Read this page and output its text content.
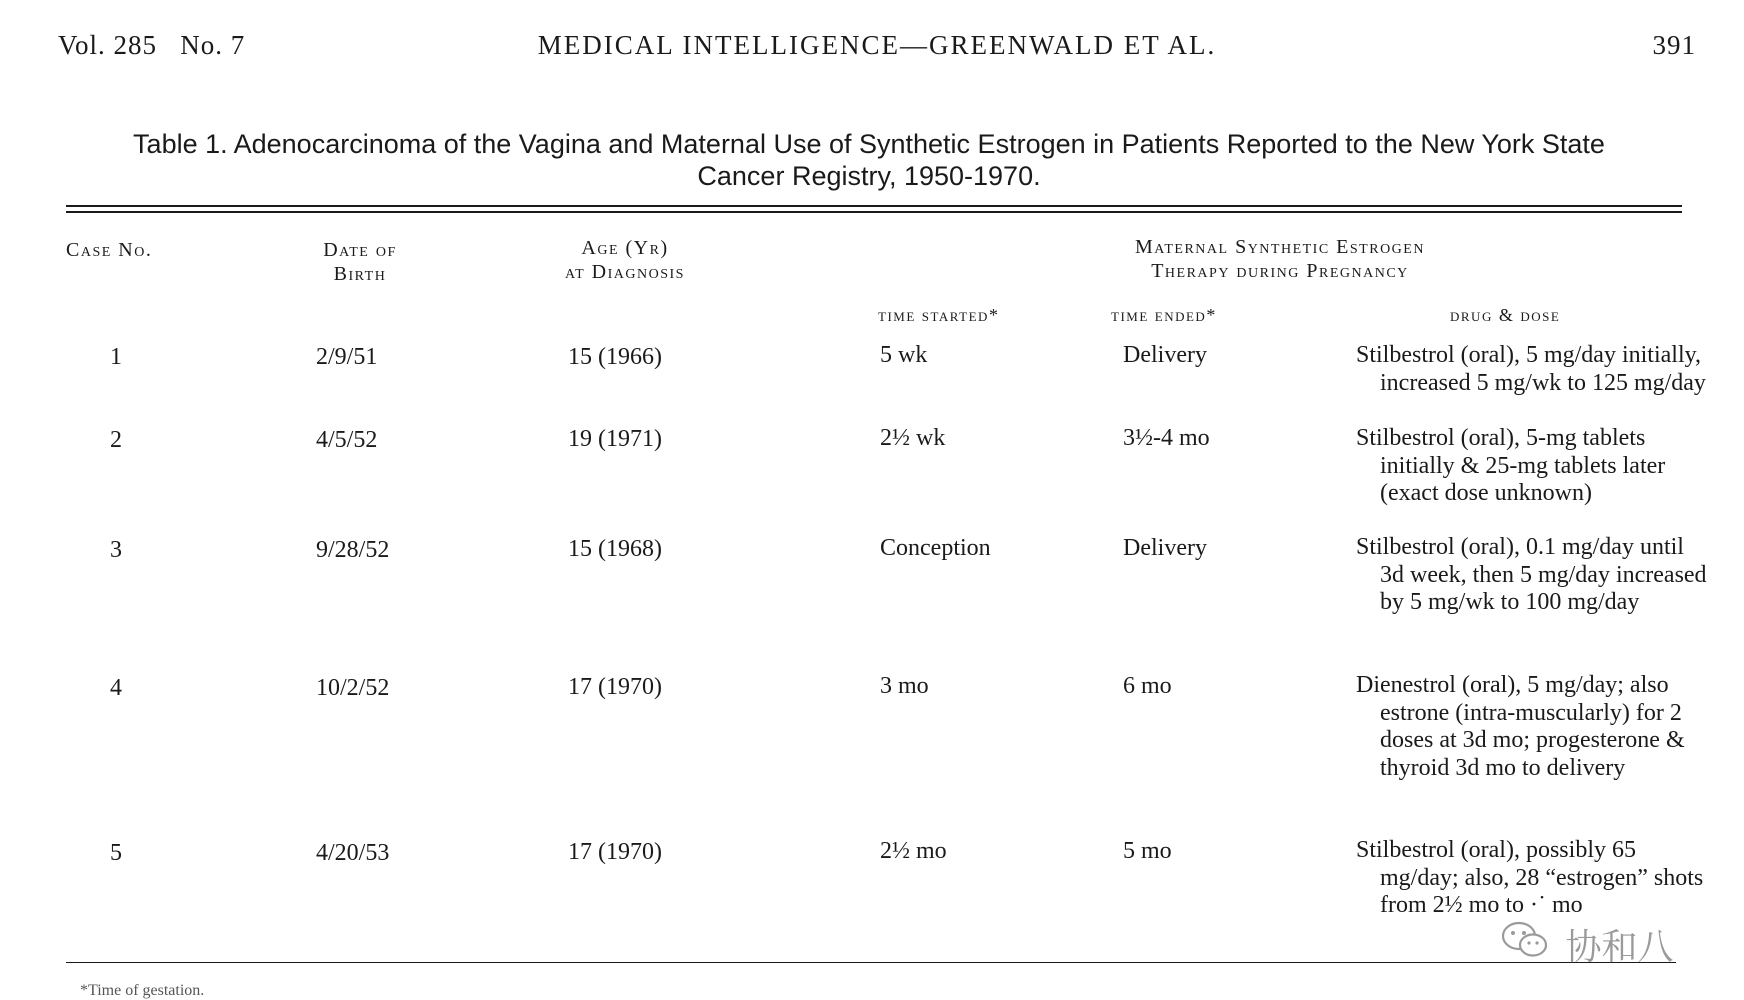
Vol. 285   No. 7	MEDICAL INTELLIGENCE—GREENWALD ET AL.	391
Table 1. Adenocarcinoma of the Vagina and Maternal Use of Synthetic Estrogen in Patients Reported to the New York State
Cancer Registry, 1950-1970.
Case No.	Date of
Birth
Age (Yr)
at Diagnosis
Maternal Synthetic Estrogen
Therapy during Pregnancy
time started*	time ended*	drug & dose
1	2/9/51	15 (1966)	5 wk	Delivery	Stilbestrol (oral), 5 mg/day initially, increased 5 mg/wk to 125 mg/day
2	4/5/52	19 (1971)	2½ wk	3½-4 mo	Stilbestrol (oral), 5-mg tablets initially & 25-mg tablets later (exact dose unknown)
3	9/28/52	15 (1968)	Conception	Delivery	Stilbestrol (oral), 0.1 mg/day until 3d week, then 5 mg/day increased by 5 mg/wk to 100 mg/day
4	10/2/52	17 (1970)	3 mo	6 mo	Dienestrol (oral), 5 mg/day; also estrone (intra-muscularly) for 2 doses at 3d mo; progesterone & thyroid 3d mo to delivery
5	4/20/53	17 (1970)	2½ mo	5 mo	Stilbestrol (oral), possibly 65 mg/day; also, 28 “estrogen” shots from 2½ mo to ·˙ mo
*Time of gestation.
协和八
